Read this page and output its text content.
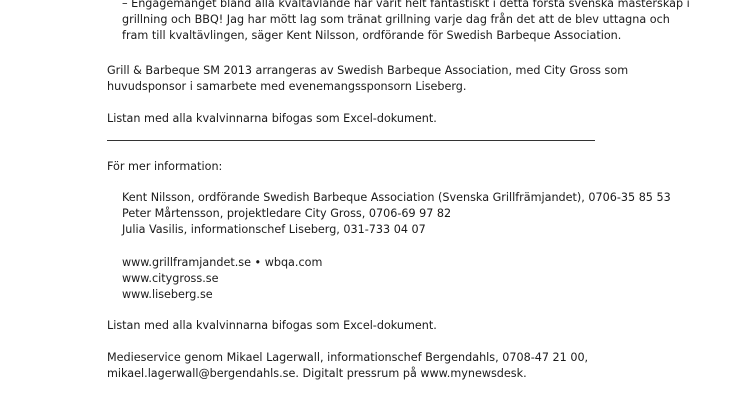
– Engagemanget bland alla kvaltävlande har varit helt fantastiskt i detta första svenska mästerskap i
grillning och BBQ! Jag har mött lag som tränat grillning varje dag från det att de blev uttagna och
fram till kvaltävlingen, säger Kent Nilsson, ordförande för Swedish Barbeque Association.

Grill & Barbeque SM 2013 arrangeras av Swedish Barbeque Association, med City Gross som
huvudsponsor i samarbete med evenemangssponsorn Liseberg.

Listan med alla kvalvinnarna bifogas som Excel-dokument.

För mer information:

Kent Nilsson, ordförande Swedish Barbeque Association (Svenska Grillfrämjandet), 0706-35 85 53
Peter Mårtensson, projektledare City Gross, 0706-69 97 82
Julia Vasilis, informationschef Liseberg, 031-733 04 07

www.grillframjandet.se • wbqa.com
www.citygross.se
www.liseberg.se

Listan med alla kvalvinnarna bifogas som Excel-dokument.

Medieservice genom Mikael Lagerwall, informationschef Bergendahls, 0708-47 21 00,
mikael.lagerwall@bergendahls.se. Digitalt pressrum på www.mynewsdesk.
